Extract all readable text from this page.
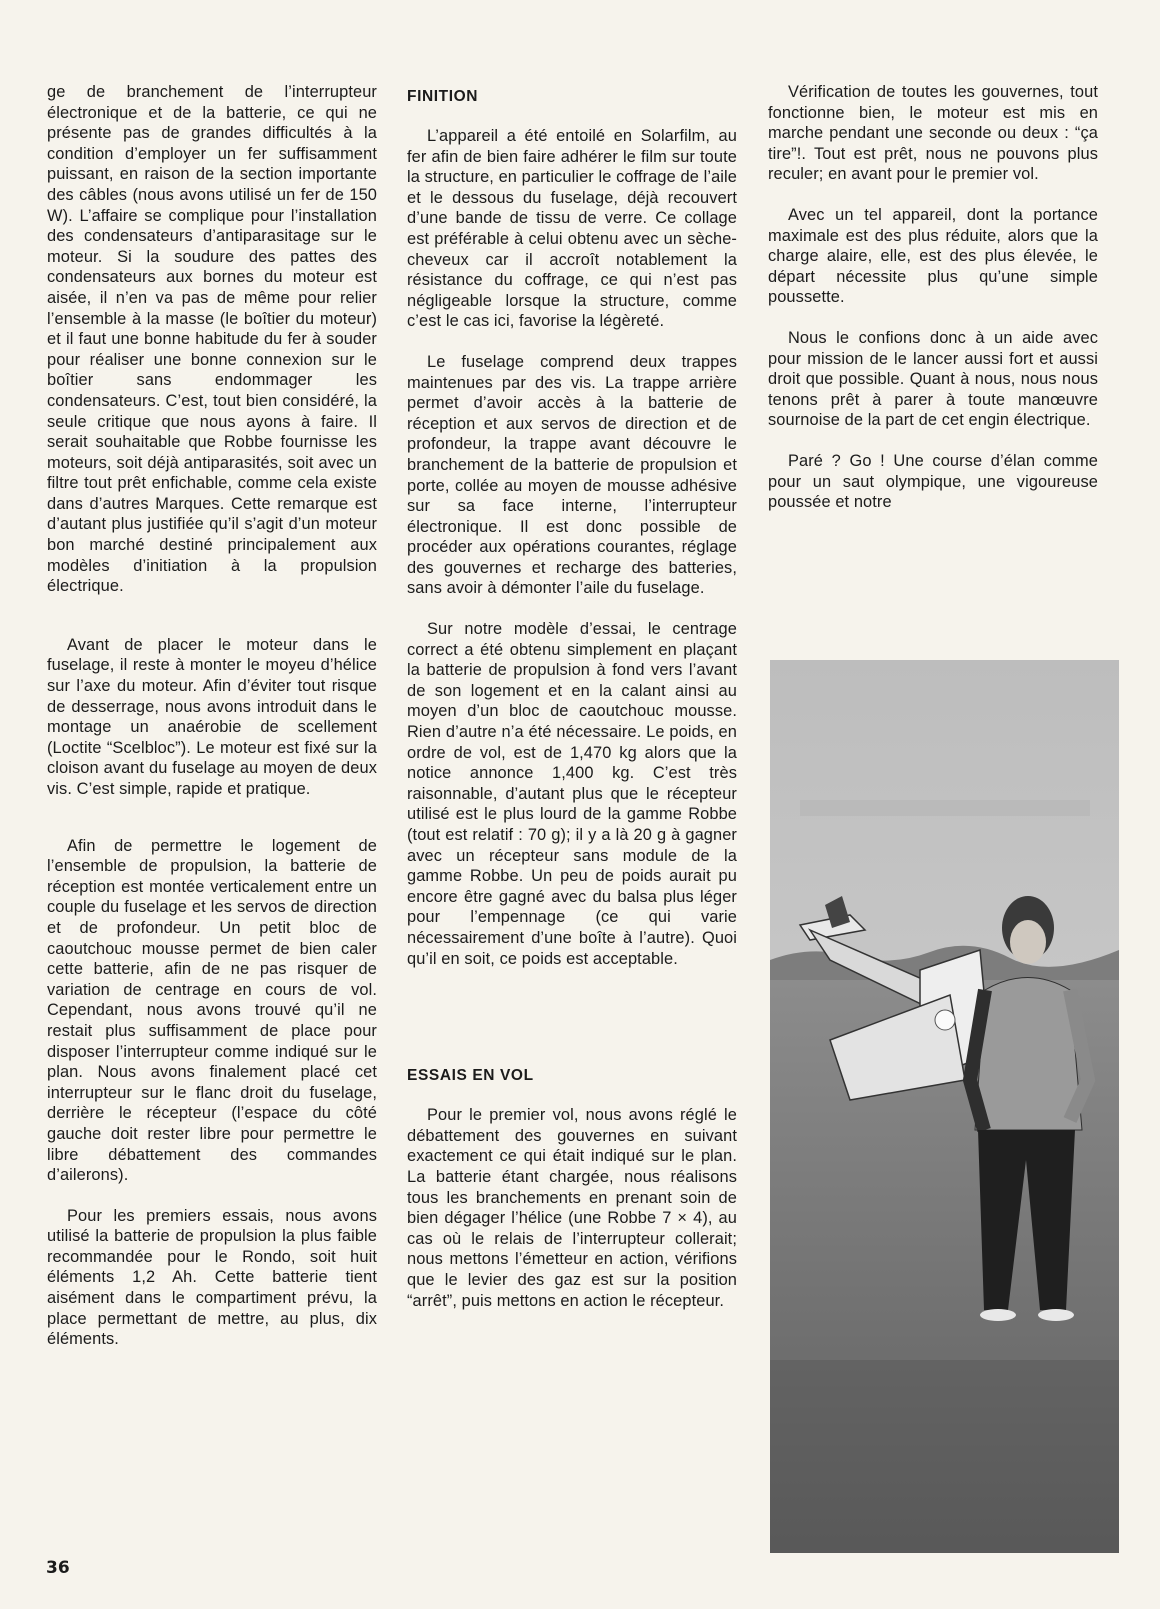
ge de branchement de l’interrupteur électronique et de la batterie, ce qui ne présente pas de grandes difficultés à la condition d’employer un fer suffisamment puissant, en raison de la section importante des câbles (nous avons utilisé un fer de 150 W). L’affaire se complique pour l’installation des condensateurs d’antiparasitage sur le moteur. Si la soudure des pattes des condensateurs aux bornes du moteur est aisée, il n’en va pas de même pour relier l’ensemble à la masse (le boîtier du moteur) et il faut une bonne habitude du fer à souder pour réaliser une bonne connexion sur le boîtier sans endommager les condensateurs. C’est, tout bien considéré, la seule critique que nous ayons à faire. Il serait souhaitable que Robbe fournisse les moteurs, soit déjà antiparasités, soit avec un filtre tout prêt enfichable, comme cela existe dans d’autres Marques. Cette remarque est d’autant plus justifiée qu’il s’agit d’un moteur bon marché destiné principalement aux modèles d’initiation à la propulsion électrique.

Avant de placer le moteur dans le fuselage, il reste à monter le moyeu d’hélice sur l’axe du moteur. Afin d’éviter tout risque de desserrage, nous avons introduit dans le montage un anaérobie de scellement (Loctite “Scelbloc”). Le moteur est fixé sur la cloison avant du fuselage au moyen de deux vis. C’est simple, rapide et pratique.

Afin de permettre le logement de l’ensemble de propulsion, la batterie de réception est montée verticalement entre un couple du fuselage et les servos de direction et de profondeur. Un petit bloc de caoutchouc mousse permet de bien caler cette batterie, afin de ne pas risquer de variation de centrage en cours de vol. Cependant, nous avons trouvé qu’il ne restait plus suffisamment de place pour disposer l’interrupteur comme indiqué sur le plan. Nous avons finalement placé cet interrupteur sur le flanc droit du fuselage, derrière le récepteur (l’espace du côté gauche doit rester libre pour permettre le libre débattement des commandes d’ailerons).

Pour les premiers essais, nous avons utilisé la batterie de propulsion la plus faible recommandée pour le Rondo, soit huit éléments 1,2 Ah. Cette batterie tient aisément dans le compartiment prévu, la place permettant de mettre, au plus, dix éléments.

FINITION

L’appareil a été entoilé en Solarfilm, au fer afin de bien faire adhérer le film sur toute la structure, en particulier le coffrage de l’aile et le dessous du fuselage, déjà recouvert d’une bande de tissu de verre. Ce collage est préférable à celui obtenu avec un sèche-cheveux car il accroît notablement la résistance du coffrage, ce qui n’est pas négligeable lorsque la structure, comme c’est le cas ici, favorise la légèreté.

Le fuselage comprend deux trappes maintenues par des vis. La trappe arrière permet d’avoir accès à la batterie de réception et aux servos de direction et de profondeur, la trappe avant découvre le branchement de la batterie de propulsion et porte, collée au moyen de mousse adhésive sur sa face interne, l’interrupteur électronique. Il est donc possible de procéder aux opérations courantes, réglage des gouvernes et recharge des batteries, sans avoir à démonter l’aile du fuselage.

Sur notre modèle d’essai, le centrage correct a été obtenu simplement en plaçant la batterie de propulsion à fond vers l’avant de son logement et en la calant ainsi au moyen d’un bloc de caoutchouc mousse. Rien d’autre n’a été nécessaire. Le poids, en ordre de vol, est de 1,470 kg alors que la notice annonce 1,400 kg. C’est très raisonnable, d’autant plus que le récepteur utilisé est le plus lourd de la gamme Robbe (tout est relatif : 70 g); il y a là 20 g à gagner avec un récepteur sans module de la gamme Robbe. Un peu de poids aurait pu encore être gagné avec du balsa plus léger pour l’empennage (ce qui varie nécessairement d’une boîte à l’autre). Quoi qu’il en soit, ce poids est acceptable.

ESSAIS EN VOL

Pour le premier vol, nous avons réglé le débattement des gouvernes en suivant exactement ce qui était indiqué sur le plan. La batterie étant chargée, nous réalisons tous les branchements en prenant soin de bien dégager l’hélice (une Robbe 7 × 4), au cas où le relais de l’interrupteur collerait; nous mettons l’émetteur en action, vérifions que le levier des gaz est sur la position “arrêt”, puis mettons en action le récepteur.

Vérification de toutes les gouvernes, tout fonctionne bien, le moteur est mis en marche pendant une seconde ou deux : “ça tire”!. Tout est prêt, nous ne pouvons plus reculer; en avant pour le premier vol.

Avec un tel appareil, dont la portance maximale est des plus réduite, alors que la charge alaire, elle, est des plus élevée, le départ nécessite plus qu’une simple poussette.

Nous le confions donc à un aide avec pour mission de le lancer aussi fort et aussi droit que possible. Quant à nous, nous nous tenons prêt à parer à toute manœuvre sournoise de la part de cet engin électrique.

Paré ? Go ! Une course d’élan comme pour un saut olympique, une vigoureuse poussée et notre

36
